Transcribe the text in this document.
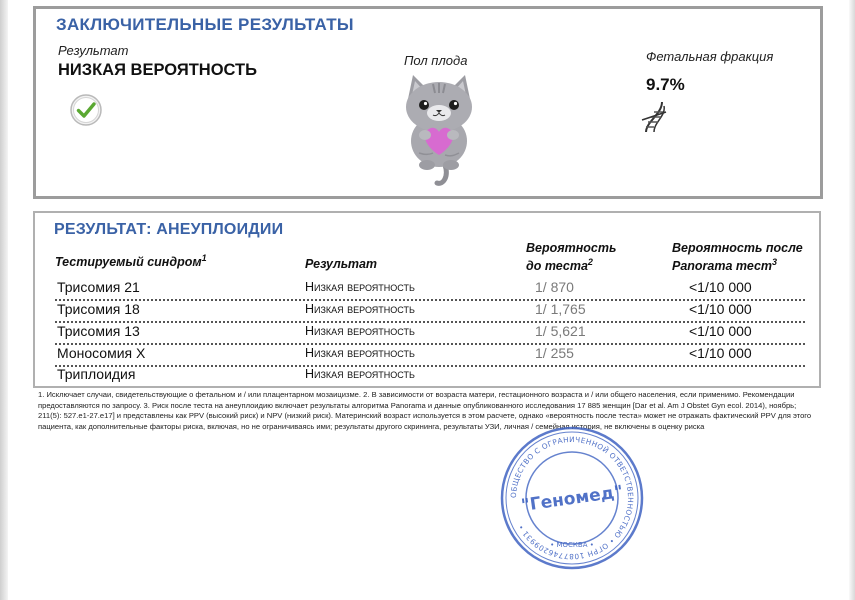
ЗАКЛЮЧИТЕЛЬНЫЕ РЕЗУЛЬТАТЫ
Результат
НИЗКАЯ ВЕРОЯТНОСТЬ
Пол плода	Фетальная фракция
9.7%
РЕЗУЛЬТАТ: АНЕУПЛОИДИИ
Тестируемый синдром$^1$	Результат
Вероятность
до теста$^2$
Вероятность после
Panorama тест$^3$
Трисомия 21	Низкая вероятность	1/ 870	<1/10 000
Трисомия 18	Низкая вероятность	1/ 1,765	<1/10 000
Трисомия 13	Низкая вероятность	1/ 5,621	<1/10 000
Моносомия X	Низкая вероятность	1/ 255	<1/10 000
Триплоидия	Низкая вероятность
1. Исключает случаи, свидетельствующие о фетальном и / или плацентарном мозаицизме. 2. В зависимости от возраста матери, гестационного возраста и / или общего населения, если применимо. Рекомендации предоставляются по запросу. 3. Риск после теста на анеуплоидию включает результаты алгоритма Panorama и данные опубликованного исследования 17 885 женщин [Dar et al. Am J Obstet Gyn ecol. 2014), ноябрь; 211(5): 527.e1-27.e17] и представлены как PPV (высокий риск) и NPV (низкий риск). Материнский возраст используется в этом расчете, однако «вероятность после теста» может не отражать фактический PPV для этого пациента, как дополнительные факторы риска, включая, но не ограничиваясь ими; результаты другого скрининга, результаты УЗИ, личная / семейная история, не включены в оценку риска
ОБЩЕСТВО С ОГРАНИЧЕННОЙ ОТВЕТСТВЕННОСТЬЮ • ОГРН 1087746209931 •
• МОСКВА •
"Геномед"
